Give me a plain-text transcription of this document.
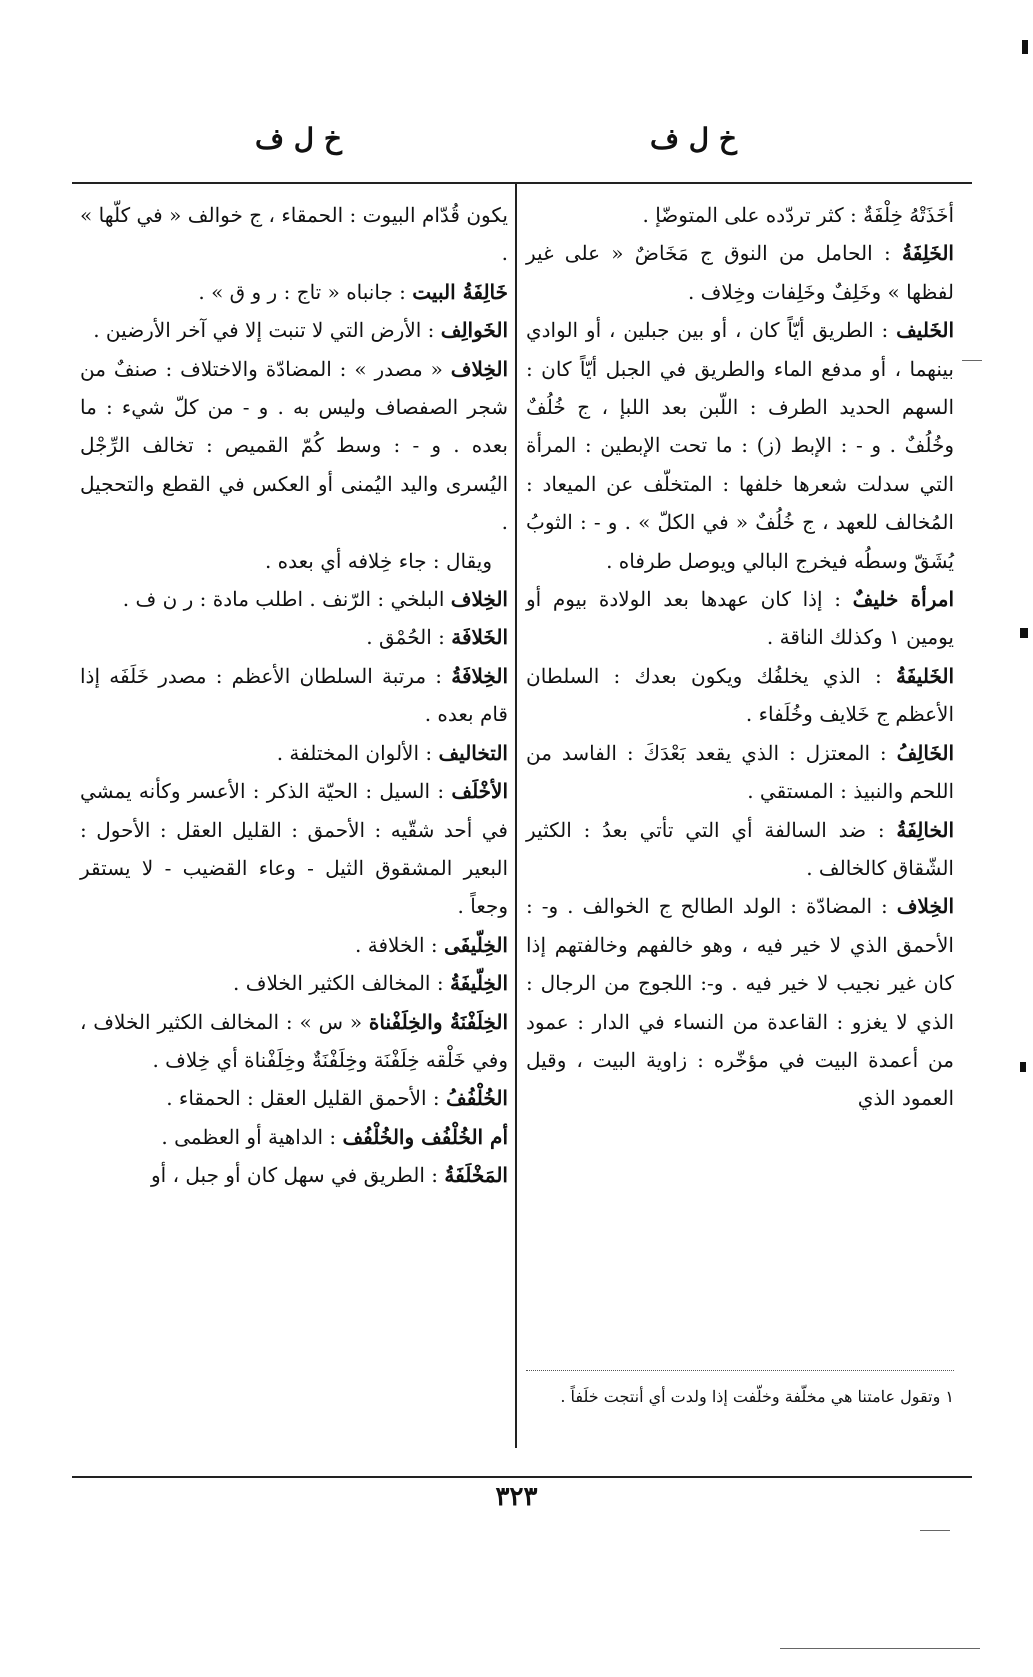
خ ل ف
خ ل ف

أخَذَتْهُ خِلْفَةٌ : كثر تردّده على المتوضّإ .

الخَلِفَةُ : الحامل من النوق ج مَخَاضٌ « على غير لفظها » وخَلِفٌ وخَلِفات وخِلاف .

الخَليف : الطريق أيّاً كان ، أو بين جبلين ، أو الوادي بينهما ، أو مدفع الماء والطريق في الجبل أيّاً كان : السهم الحديد الطرف : اللّبن بعد اللبإ ، ج خُلُفٌ وخُلُفٌ . و - : الإبط (ز) : ما تحت الإبطين : المرأة التي سدلت شعرها خلفها : المتخلّف عن الميعاد : المُخالف للعهد ، ج خُلُفٌ « في الكلّ » . و - : الثوبُ يُشَقّ وسطُه فيخرج البالي ويوصل طرفاه .

امرأة خليفٌ : إذا كان عهدها بعد الولادة بيوم أو يومين ١ وكذلك الناقة .

الخَليفَةُ : الذي يخلفُك ويكون بعدك : السلطان الأعظم ج خَلايف وخُلَفاء .

الخَالِفُ : المعتزل : الذي يقعد بَعْدَكَ : الفاسد من اللحم والنبيذ : المستقي .

الخالِفَةُ : ضد السالفة أي التي تأتي بعدُ : الكثير الشّقاق كالخالف .

الخِلاف : المضادّة : الولد الطالح ج الخوالف . و- : الأحمق الذي لا خير فيه ، وهو خالفهم وخالفتهم إذا كان غير نجيب لا خير فيه . و-: اللجوج من الرجال : الذي لا يغزو : القاعدة من النساء في الدار : عمود من أعمدة البيت في مؤخّره : زاوية البيت ، وقيل العمود الذي

١ وتقول عامتنا هي مخلّفة وخلّفت إذا ولدت أي أنتجت خلَفاً .

يكون قُدّام البيوت : الحمقاء ، ج خوالف « في كلّها » .

خَالِفَةُ البيت : جانباه « تاج : ر و ق » .

الخَوالِف : الأرض التي لا تنبت إلا في آخر الأرضين .

الخِلاف « مصدر » : المضادّة والاختلاف : صنفٌ من شجر الصفصاف وليس به . و - من كلّ شيء : ما بعده . و - : وسط كُمّ القميص : تخالف الرِّجْل اليُسرى واليد اليُمنى أو العكس في القطع والتحجيل .

ويقال : جاء خِلافه أي بعده .

الخِلاف البلخي : الرّنف . اطلب مادة : ر ن ف .

الخَلافَة : الحُمْق .

الخِلافَةُ : مرتبة السلطان الأعظم : مصدر خَلَفَه إذا قام بعده .

التخاليف : الألوان المختلفة .

الأخْلَف : السيل : الحيّة الذكر : الأعسر وكأنه يمشي في أحد شقّيه : الأحمق : القليل العقل : الأحول : البعير المشقوق الثيل - وعاء القضيب - لا يستقر وجعاً .

الخِلّيفَى : الخلافة .

الخِلّيفَةُ : المخالف الكثير الخلاف .

الخِلَفْنَةُ والخِلَفْناة « س » : المخالف الكثير الخلاف ، وفي خَلْقه خِلَفْنَة وخِلَفْنَةٌ وخِلَفْناة أي خِلاف .

الخُلْفُفُ : الأحمق القليل العقل : الحمقاء .

أم الخُلْفُف والخُلْفُف : الداهية أو العظمى .

المَخْلَفَةُ : الطريق في سهل كان أو جبل ، أو

٣٢٣
